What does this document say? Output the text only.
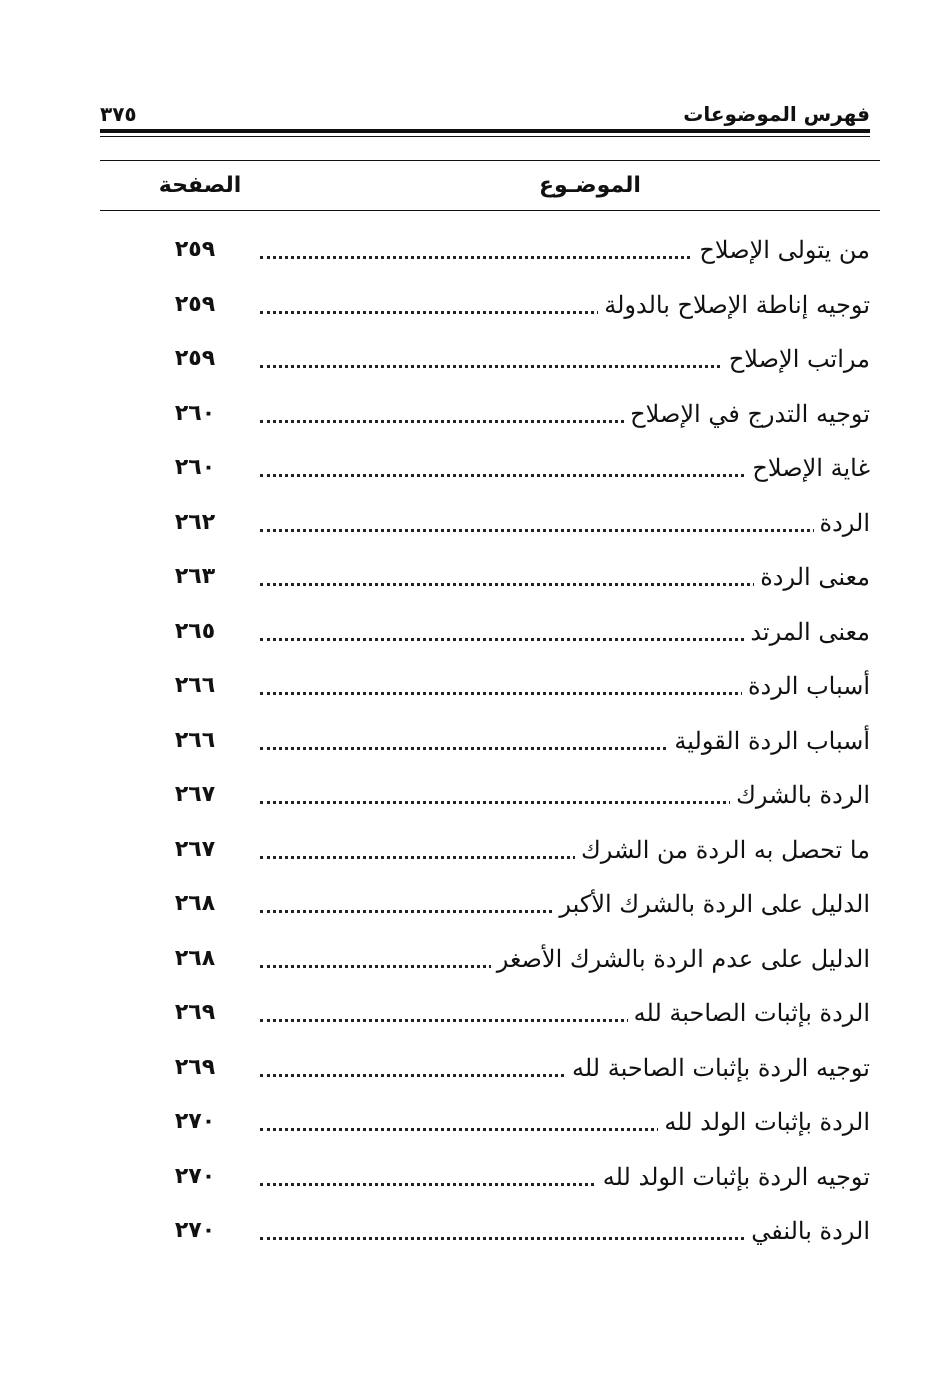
فهرس الموضوعات
٣٧٥
الموضـوع
الصفحة
من يتولى الإصلاح
٢٥٩
توجيه إناطة الإصلاح بالدولة
٢٥٩
مراتب الإصلاح
٢٥٩
توجيه التدرج في الإصلاح
٢٦٠
غاية الإصلاح
٢٦٠
الردة
٢٦٢
معنى الردة
٢٦٣
معنى المرتد
٢٦٥
أسباب الردة
٢٦٦
أسباب الردة القولية
٢٦٦
الردة بالشرك
٢٦٧
ما تحصل به الردة من الشرك
٢٦٧
الدليل على الردة بالشرك الأكبر
٢٦٨
الدليل على عدم الردة بالشرك الأصغر
٢٦٨
الردة بإثبات الصاحبة لله
٢٦٩
توجيه الردة بإثبات الصاحبة لله
٢٦٩
الردة بإثبات الولد لله
٢٧٠
توجيه الردة بإثبات الولد لله
٢٧٠
الردة بالنفي
٢٧٠
